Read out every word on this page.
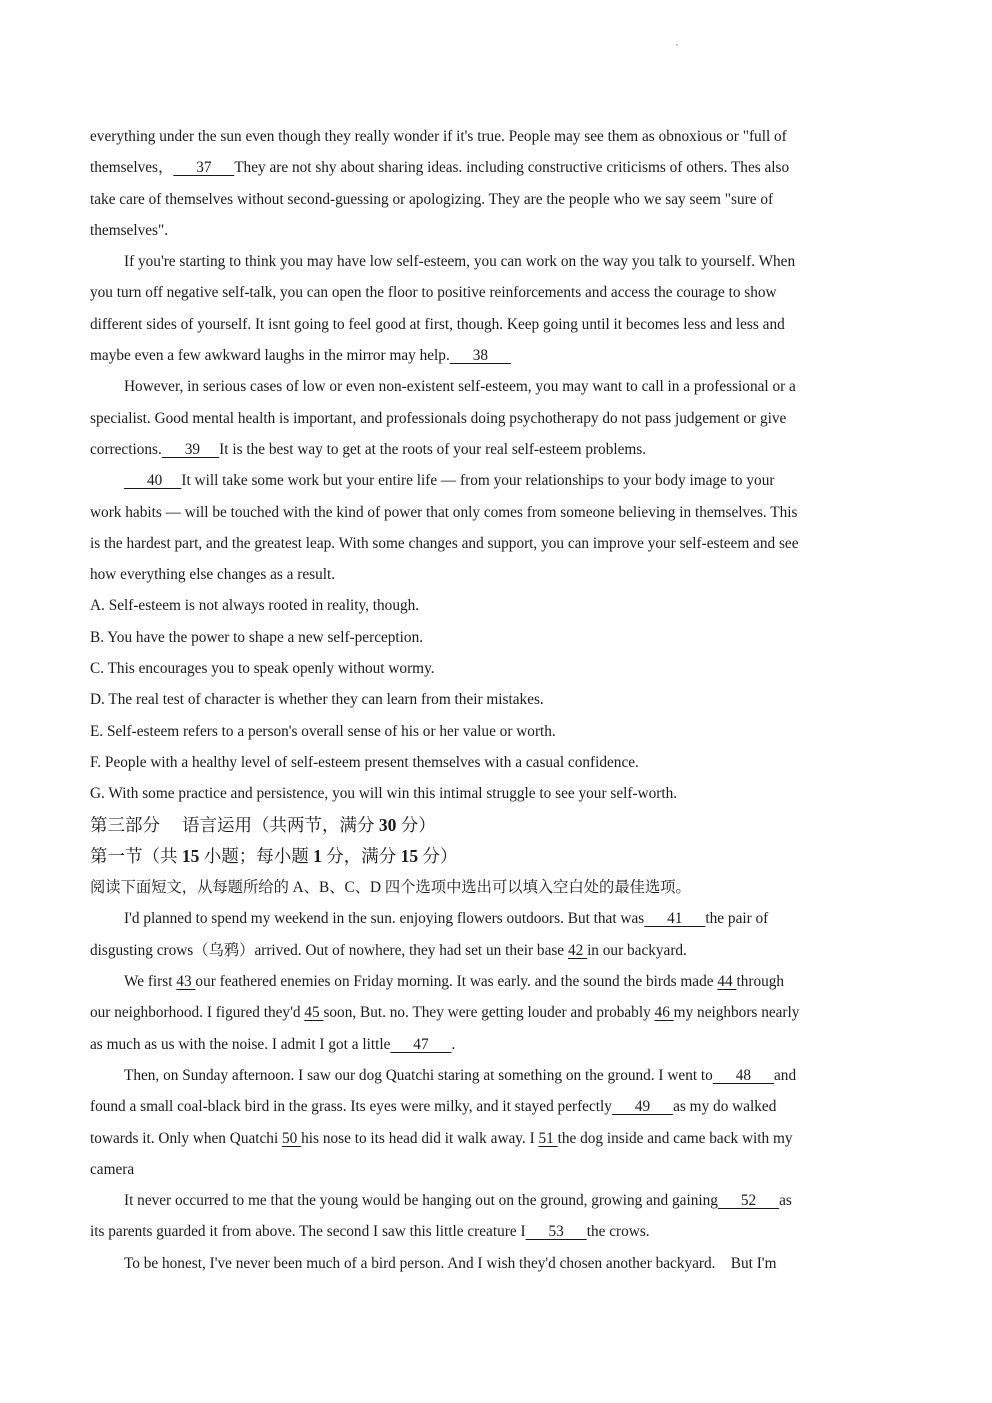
everything under the sun even though they really wonder if it's true. People may see them as obnoxious or "full of

themselves，      37      They are not shy about sharing ideas. including constructive criticisms of others. Thes also

take care of themselves without second-guessing or apologizing. They are the people who we say seem "sure of

themselves".

If you're starting to think you may have low self-esteem, you can work on the way you talk to yourself. When

you turn off negative self-talk, you can open the floor to positive reinforcements and access the courage to show

different sides of yourself. It isnt going to feel good at first, though. Keep going until it becomes less and less and

maybe even a few awkward laughs in the mirror may help.      38

However, in serious cases of low or even non-existent self-esteem, you may want to call in a professional or a

specialist. Good mental health is important, and professionals doing psychotherapy do not pass judgement or give

corrections.      39     It is the best way to get at the roots of your real self-esteem problems.

40     It will take some work but your entire life — from your relationships to your body image to your

work habits — will be touched with the kind of power that only comes from someone believing in themselves. This

is the hardest part, and the greatest leap. With some changes and support, you can improve your self-esteem and see

how everything else changes as a result.

A. Self-esteem is not always rooted in reality, though.

B. You have the power to shape a new self-perception.

C. This encourages you to speak openly without wormy.

D. The real test of character is whether they can learn from their mistakes.

E. Self-esteem refers to a person's overall sense of his or her value or worth.

F. People with a healthy level of self-esteem present themselves with a casual confidence.

G. With some practice and persistence, you will win this intimal struggle to see your self-worth.

第三部分 语言运用（共两节，满分 30 分）

第一节（共 15 小题；每小题 1 分，满分 15 分）

阅读下面短文，从每题所给的 A、B、C、D 四个选项中选出可以填入空白处的最佳选项。

I'd planned to spend my weekend in the sun. enjoying flowers outdoors. But that was      41      the pair of

disgusting crows（乌鸦）arrived. Out of nowhere, they had set un their base 42 in our backyard.

We first 43 our feathered enemies on Friday morning. It was early. and the sound the birds made 44 through

our neighborhood. I figured they'd 45 soon, But. no. They were getting louder and probably 46 my neighbors nearly

as much as us with the noise. I admit I got a little      47      .

Then, on Sunday afternoon. I saw our dog Quatchi staring at something on the ground. I went to      48      and

found a small coal-black bird in the grass. Its eyes were milky, and it stayed perfectly      49      as my do walked

towards it. Only when Quatchi 50 his nose to its head did it walk away. I 51 the dog inside and came back with my

camera

It never occurred to me that the young would be hanging out on the ground, growing and gaining      52      as

its parents guarded it from above. The second I saw this little creature I      53      the crows.

To be honest, I've never been much of a bird person. And I wish they'd chosen another backyard.    But I'm
